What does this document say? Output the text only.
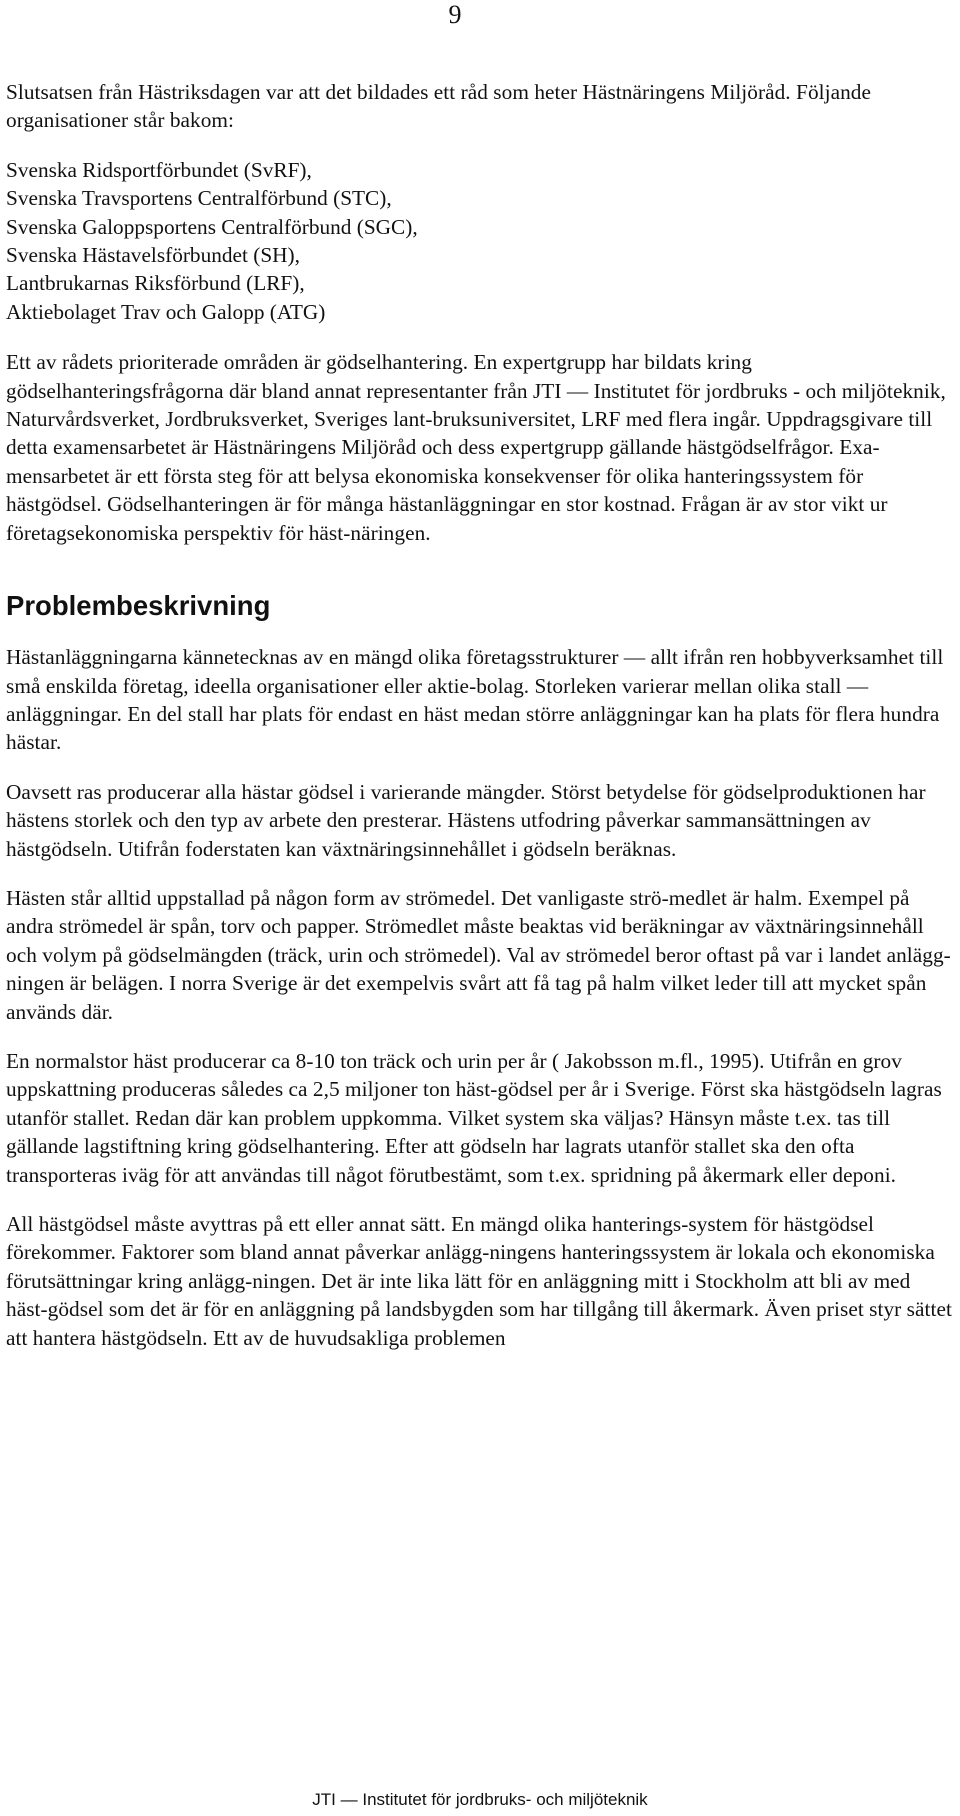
9

Slutsatsen från Hästriksdagen var att det bildades ett råd som heter Hästnäringens Miljöråd. Följande organisationer står bakom:

Svenska Ridsportförbundet (SvRF),
Svenska Travsportens Centralförbund (STC),
Svenska Galoppsportens Centralförbund (SGC),
Svenska Hästavelsförbundet (SH),
Lantbrukarnas Riksförbund (LRF),
Aktiebolaget Trav och Galopp (ATG)

Ett av rådets prioriterade områden är gödselhantering. En expertgrupp har bildats kring gödselhanteringsfrågorna där bland annat representanter från JTI — Institutet för jordbruks - och miljöteknik, Naturvårdsverket, Jordbruksverket, Sveriges lant-bruksuniversitet, LRF med flera ingår. Uppdragsgivare till detta examensarbetet är Hästnäringens Miljöråd och dess expertgrupp gällande hästgödselfrågor. Exa-mensarbetet är ett första steg för att belysa ekonomiska konsekvenser för olika hanteringssystem för hästgödsel. Gödselhanteringen är för många hästanläggningar en stor kostnad. Frågan är av stor vikt ur företagsekonomiska perspektiv för häst-näringen.

Problembeskrivning

Hästanläggningarna kännetecknas av en mängd olika företagsstrukturer — allt ifrån ren hobbyverksamhet till små enskilda företag, ideella organisationer eller aktie-bolag. Storleken varierar mellan olika stall — anläggningar. En del stall har plats för endast en häst medan större anläggningar kan ha plats för flera hundra hästar.

Oavsett ras producerar alla hästar gödsel i varierande mängder. Störst betydelse för gödselproduktionen har hästens storlek och den typ av arbete den presterar. Hästens utfodring påverkar sammansättningen av hästgödseln. Utifrån foderstaten kan växtnäringsinnehållet i gödseln beräknas.

Hästen står alltid uppstallad på någon form av strömedel. Det vanligaste strö-medlet är halm. Exempel på andra strömedel är spån, torv och papper. Strömedlet måste beaktas vid beräkningar av växtnäringsinnehåll och volym på gödselmängden (träck, urin och strömedel). Val av strömedel beror oftast på var i landet anlägg-ningen är belägen. I norra Sverige är det exempelvis svårt att få tag på halm vilket leder till att mycket spån används där.

En normalstor häst producerar ca 8-10 ton träck och urin per år ( Jakobsson m.fl., 1995). Utifrån en grov uppskattning produceras således ca 2,5 miljoner ton häst-gödsel per år i Sverige. Först ska hästgödseln lagras utanför stallet. Redan där kan problem uppkomma. Vilket system ska väljas? Hänsyn måste t.ex. tas till gällande lagstiftning kring gödselhantering. Efter att gödseln har lagrats utanför stallet ska den ofta transporteras iväg för att användas till något förutbestämt, som t.ex. spridning på åkermark eller deponi.

All hästgödsel måste avyttras på ett eller annat sätt. En mängd olika hanterings-system för hästgödsel förekommer. Faktorer som bland annat påverkar anlägg-ningens hanteringssystem är lokala och ekonomiska förutsättningar kring anlägg-ningen. Det är inte lika lätt för en anläggning mitt i Stockholm att bli av med häst-gödsel som det är för en anläggning på landsbygden som har tillgång till åkermark. Även priset styr sättet att hantera hästgödseln. Ett av de huvudsakliga problemen

JTI — Institutet för jordbruks- och miljöteknik
